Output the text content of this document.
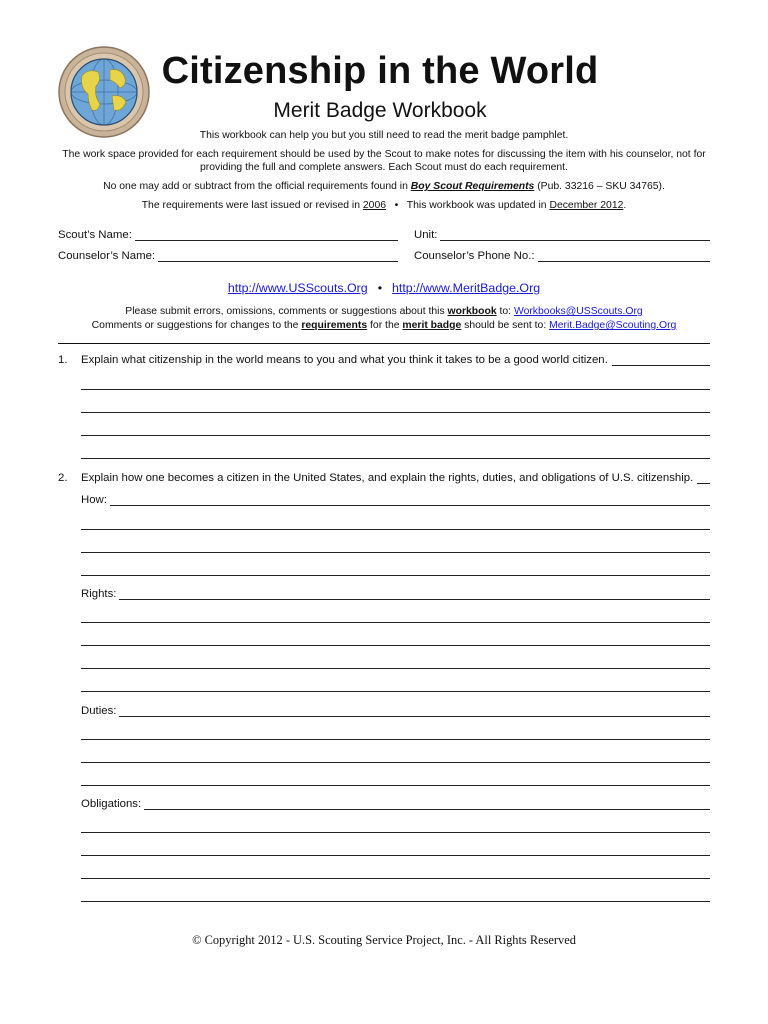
Citizenship in the World
Merit Badge Workbook
This workbook can help you but you still need to read the merit badge pamphlet.
The work space provided for each requirement should be used by the Scout to make notes for discussing the item with his counselor, not for
providing the full and complete answers. Each Scout must do each requirement.
No one may add or subtract from the official requirements found in Boy Scout Requirements (Pub. 33216 – SKU 34765).
The requirements were last issued or revised in 2006   •   This workbook was updated in December 2012.
Scout’s Name:	Unit:
Counselor’s Name:	Counselor’s Phone No.:
http://www.USScouts.Org • http://www.MeritBadge.Org
Please submit errors, omissions, comments or suggestions about this workbook to: Workbooks@USScouts.Org
Comments or suggestions for changes to the requirements for the merit badge should be sent to: Merit.Badge@Scouting.Org
1. Explain what citizenship in the world means to you and what you think it takes to be a good world citizen.
2. Explain how one becomes a citizen in the United States, and explain the rights, duties, and obligations of U.S. citizenship.
How:
Rights:
Duties:
Obligations:
© Copyright 2012 - U.S. Scouting Service Project, Inc. - All Rights Reserved
